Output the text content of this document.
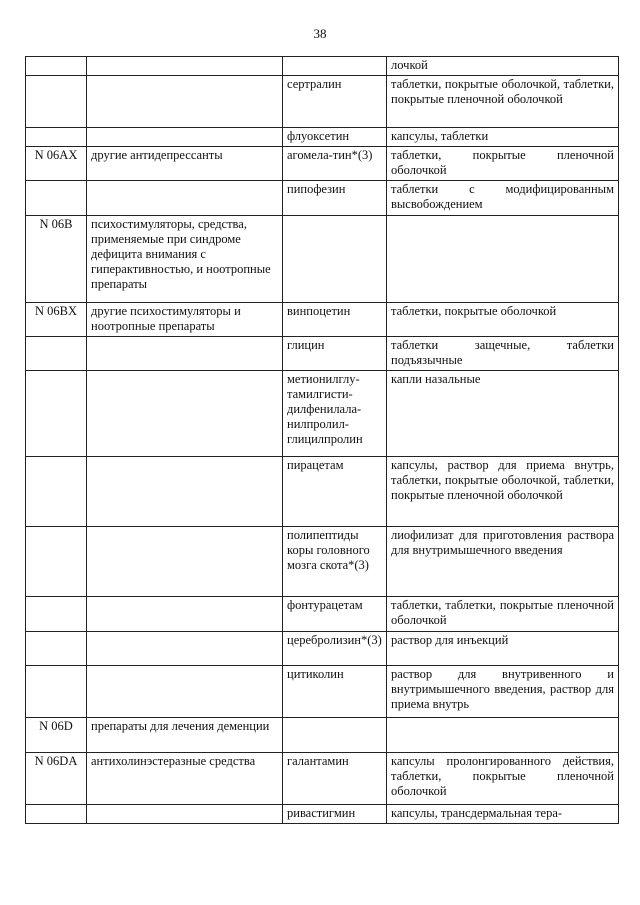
38
			лочкой
		сертралин	таблетки, покрытые оболочкой, таблетки, покрытые пленочной оболочкой
		флуоксетин	капсулы, таблетки
N 06AX	другие антидепрессанты	агомела-тин*(3)	таблетки, покрытые пленочной оболочкой
		пипофезин	таблетки с модифицированным высвобождением
N 06B	психостимуляторы, средства, применяемые при синдроме дефицита внимания с гиперактивностью, и ноотропные препараты		
N 06BX	другие психостимуляторы и ноотропные препараты	винпоцетин	таблетки, покрытые оболочкой
		глицин	таблетки защечные, таблетки подъязычные
		метионилглу-тамилгисти-дилфенилала-нилпролил-глицилпролин	капли назальные
		пирацетам	капсулы, раствор для приема внутрь, таблетки, покрытые оболочкой, таблетки, покрытые пленочной оболочкой
		полипептиды коры головного мозга скота*(3)	лиофилизат для приготовления раствора для внутримышечного введения
		фонтурацетам	таблетки, таблетки, покрытые пленочной оболочкой
		церебролизин*(3)	раствор для инъекций
		цитиколин	раствор для внутривенного и внутримышечного введения, раствор для приема внутрь
N 06D	препараты для лечения деменции		
N 06DA	антихолинэстеразные средства	галантамин	капсулы пролонгированного действия, таблетки, покрытые пленочной оболочкой
		ривастигмин	капсулы, трансдермальная тера-
